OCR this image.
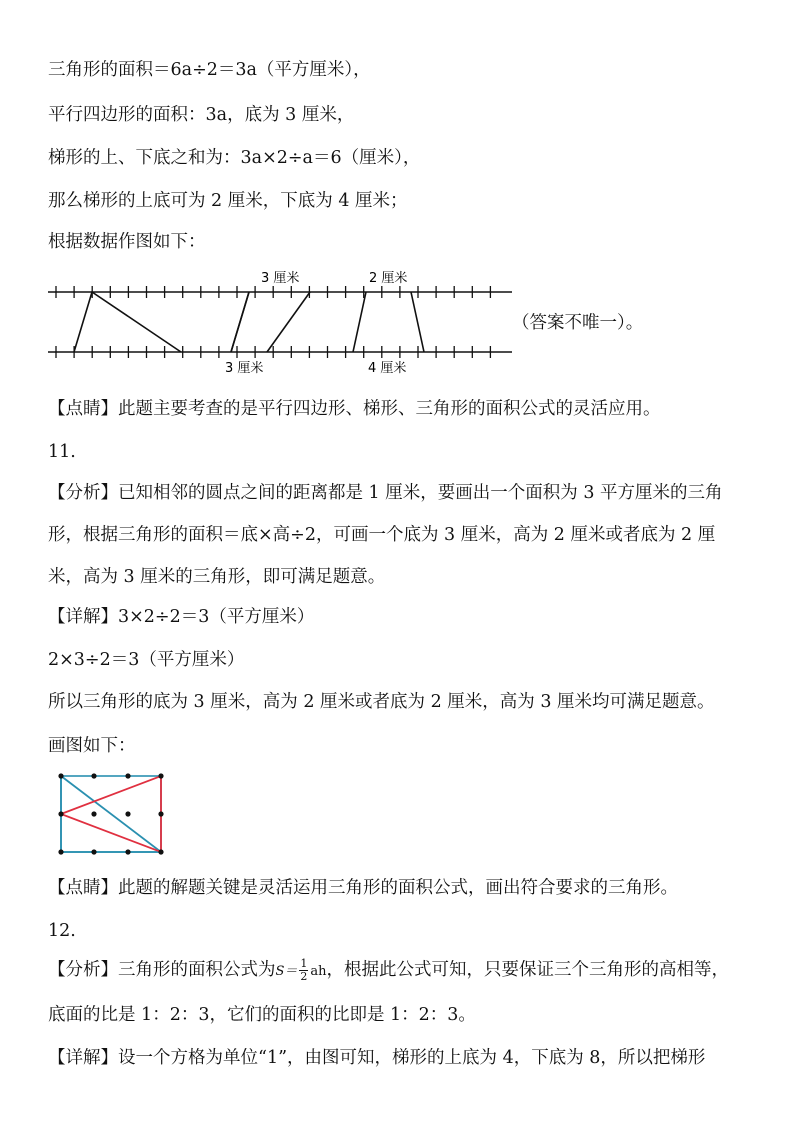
三角形的面积＝6a÷2＝3a（平方厘米），
平行四边形的面积：3a，底为 3 厘米，
梯形的上、下底之和为：3a×2÷a＝6（厘米），
那么梯形的上底可为 2 厘米，下底为 4 厘米；
根据数据作图如下：
3 厘米	2 厘米
3 厘米	4 厘米
（答案不唯一）。
【点睛】此题主要考查的是平行四边形、梯形、三角形的面积公式的灵活应用。
11.
【分析】已知相邻的圆点之间的距离都是 1 厘米，要画出一个面积为 3 平方厘米的三角形，根据三角形的面积＝底×高÷2，可画一个底为 3 厘米，高为 2 厘米或者底为 2 厘米，高为 3 厘米的三角形，即可满足题意。
【详解】3×2÷2＝3（平方厘米）
2×3÷2＝3（平方厘米）
所以三角形的底为 3 厘米，高为 2 厘米或者底为 2 厘米，高为 3 厘米均可满足题意。
画图如下：
【点睛】此题的解题关键是灵活运用三角形的面积公式，画出符合要求的三角形。
12.
【分析】三角形的面积公式为$S= \frac{1}{2}$ ah，根据此公式可知，只要保证三个三角形的高相等，
底面的比是 1：2：3，它们的面积的比即是 1：2：3。
【详解】设一个方格为单位“1”，由图可知，梯形的上底为 4，下底为 8，所以把梯形
